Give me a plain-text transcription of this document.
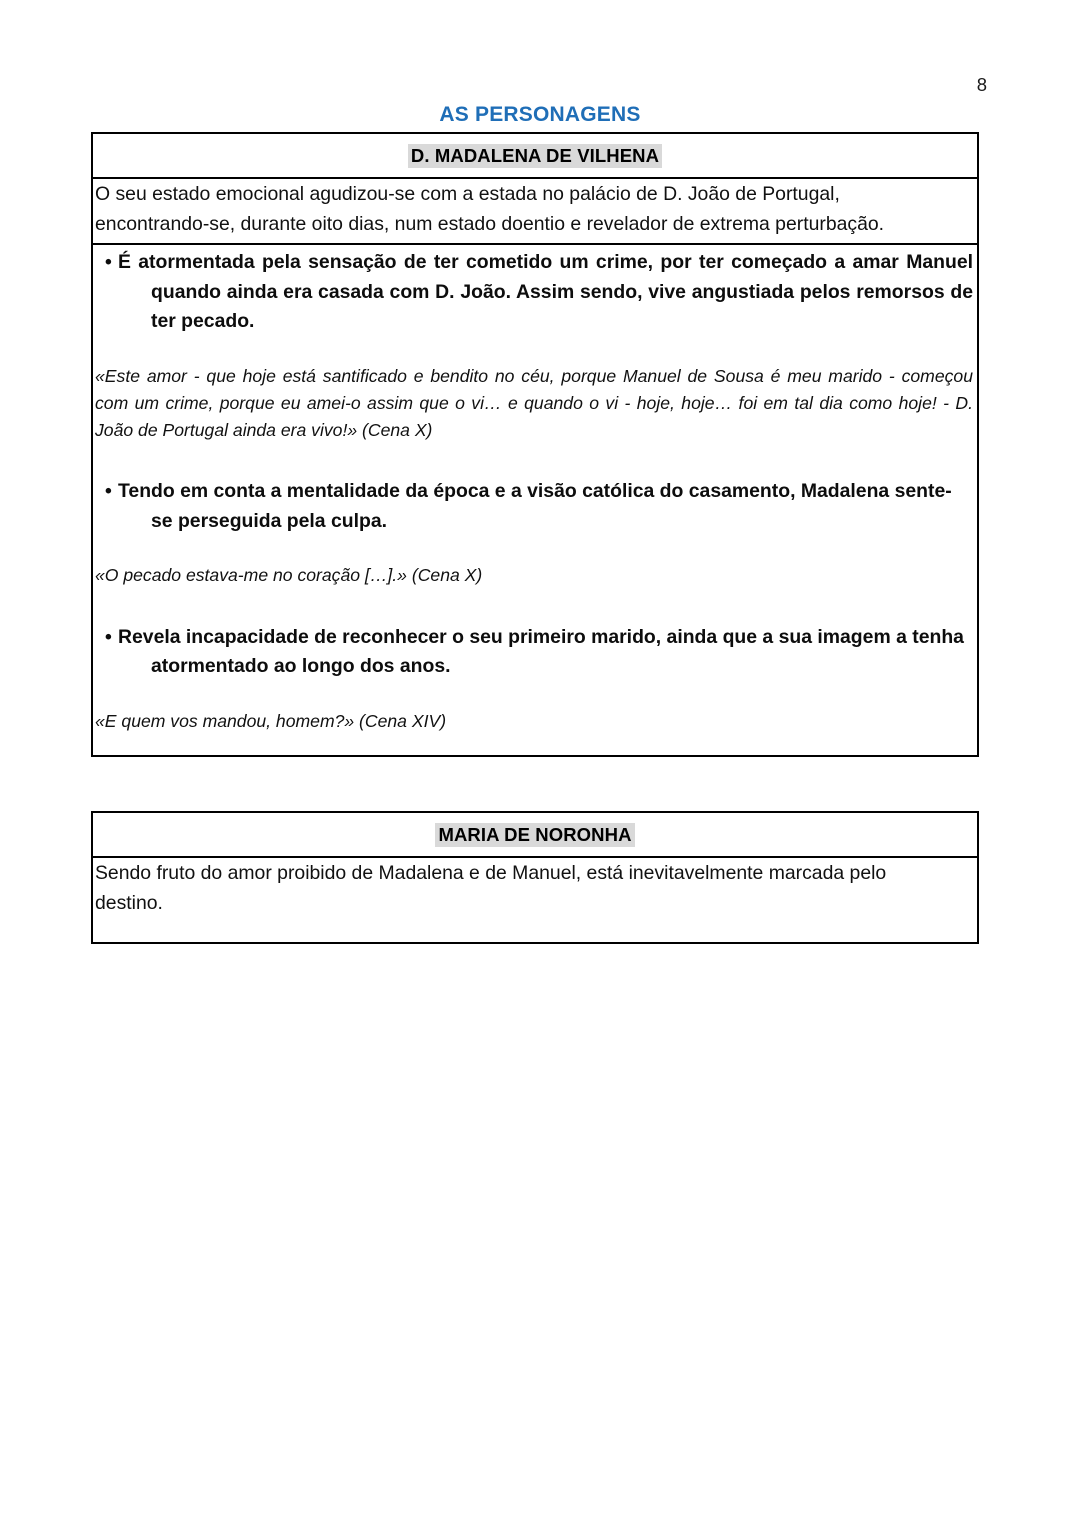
8
AS PERSONAGENS
D. MADALENA DE VILHENA

O seu estado emocional agudizou-se com a estada no palácio de D. João de Portugal, encontrando-se, durante oito dias, num estado doentio e revelador de extrema perturbação.

• É atormentada pela sensação de ter cometido um crime, por ter começado a amar Manuel quando ainda era casada com D. João. Assim sendo, vive angustiada pelos remorsos de ter pecado.

«Este amor - que hoje está santificado e bendito no céu, porque Manuel de Sousa é meu marido - começou com um crime, porque eu amei-o assim que o vi… e quando o vi - hoje, hoje… foi em tal dia como hoje! - D. João de Portugal ainda era vivo!» (Cena X)

• Tendo em conta a mentalidade da época e a visão católica do casamento, Madalena sente-se perseguida pela culpa.

«O pecado estava-me no coração […].» (Cena X)

• Revela incapacidade de reconhecer o seu primeiro marido, ainda que a sua imagem a tenha atormentado ao longo dos anos.

«E quem vos mandou, homem?» (Cena XIV)

MARIA DE NORONHA

Sendo fruto do amor proibido de Madalena e de Manuel, está inevitavelmente marcada pelo destino.
